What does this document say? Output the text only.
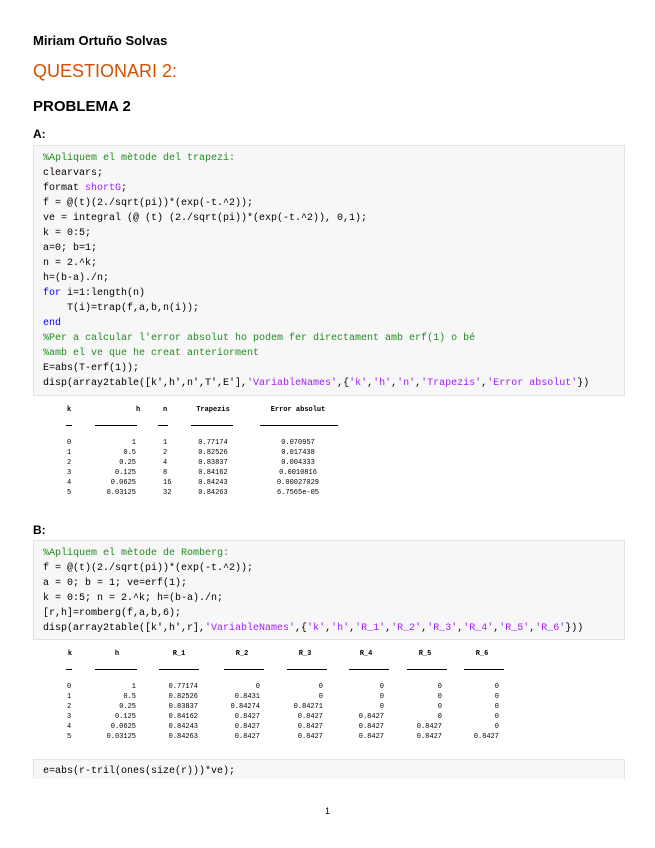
Miriam Ortuño Solvas
QUESTIONARI 2:
PROBLEMA 2
A:
%Apliquem el mètode del trapezi:
clearvars;
format shortG;
f = @(t)(2./sqrt(pi))*(exp(-t.^2));
ve = integral (@ (t) (2./sqrt(pi))*(exp(-t.^2)), 0,1);
k = 0:5;
a=0; b=1;
n = 2.^k;
h=(b-a)./n;
for i=1:length(n)
T(i)=trap(f,a,b,n(i));
end
%Per a calcular l'error absolut ho podem fer directament amb erf(1) o bé
%amb el ve que he creat anteriorment
E=abs(T-erf(1));
disp(array2table([k',h',n',T',E'],'VariableNames',{'k','h','n','Trapezis','Error absolut'})
k	h	n	Trapezis	Error absolut
0	1	1	0.77174	0.070957
1	0.5	2	0.82526	0.017438
2	0.25	4	0.83837	0.004333
3	0.125	8	0.84162	0.0010816
4	0.0625	16	0.84243	0.00027029
5	0.03125	32	0.84263	6.7565e-05
B:
%Apliquem el mètode de Romberg:
f = @(t)(2./sqrt(pi))*(exp(-t.^2));
a = 0; b = 1; ve=erf(1);
k = 0:5; n = 2.^k; h=(b-a)./n;
[r,h]=romberg(f,a,b,6);
disp(array2table([k',h',r],'VariableNames',{'k','h','R_1','R_2','R_3','R_4','R_5','R_6'}))
k	h	R_1	R_2	R_3	R_4	R_5	R_6
0	1	0.77174	0	0	0	0	0
1	0.5	0.82526	0.8431	0	0	0	0
2	0.25	0.83837	0.84274	0.84271	0	0	0
3	0.125	0.84162	0.8427	0.8427	0.8427	0	0
4	0.0625	0.84243	0.8427	0.8427	0.8427	0.8427	0
5	0.03125	0.84263	0.8427	0.8427	0.8427	0.8427	0.8427
e=abs(r-tril(ones(size(r)))*ve);
1
